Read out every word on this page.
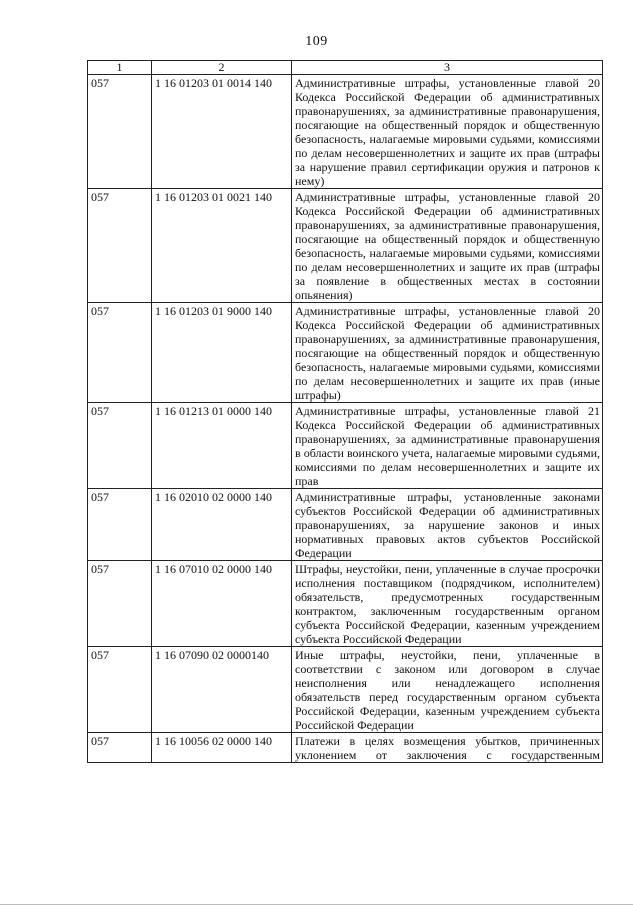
109
1	2	3
057	1 16 01203 01 0014 140	Административные штрафы, установленные главой 20 Кодекса Российской Федерации об административных правонарушениях, за административные правонарушения, посягающие на общественный порядок и общественную безопасность, налагаемые мировыми судьями, комиссиями по делам несовершеннолетних и защите их прав (штрафы за нарушение правил сертификации оружия и патронов к нему)
057	1 16 01203 01 0021 140	Административные штрафы, установленные главой 20 Кодекса Российской Федерации об административных правонарушениях, за административные правонарушения, посягающие на общественный порядок и общественную безопасность, налагаемые мировыми судьями, комиссиями по делам несовершеннолетних и защите их прав (штрафы за появление в общественных местах в состоянии опьянения)
057	1 16 01203 01 9000 140	Административные штрафы, установленные главой 20 Кодекса Российской Федерации об административных правонарушениях, за административные правонарушения, посягающие на общественный порядок и общественную безопасность, налагаемые мировыми судьями, комиссиями по делам несовершеннолетних и защите их прав (иные штрафы)
057	1 16 01213 01 0000 140	Административные штрафы, установленные главой 21 Кодекса Российской Федерации об административных правонарушениях, за административные правонарушения в области воинского учета, налагаемые мировыми судьями, комиссиями по делам несовершеннолетних и защите их прав
057	1 16 02010 02 0000 140	Административные штрафы, установленные законами субъектов Российской Федерации об административных правонарушениях, за нарушение законов и иных нормативных правовых актов субъектов Российской Федерации
057	1 16 07010 02 0000 140	Штрафы, неустойки, пени, уплаченные в случае просрочки исполнения поставщиком (подрядчиком, исполнителем) обязательств, предусмотренных государственным контрактом, заключенным государственным органом субъекта Российской Федерации, казенным учреждением субъекта Российской Федерации
057	1 16 07090 02 0000140	Иные штрафы, неустойки, пени, уплаченные в соответствии с законом или договором в случае неисполнения или ненадлежащего исполнения обязательств перед государственным органом субъекта Российской Федерации, казенным учреждением субъекта Российской Федерации
057	1 16 10056 02 0000 140	Платежи в целях возмещения убытков, причиненных уклонением от заключения с государственным
